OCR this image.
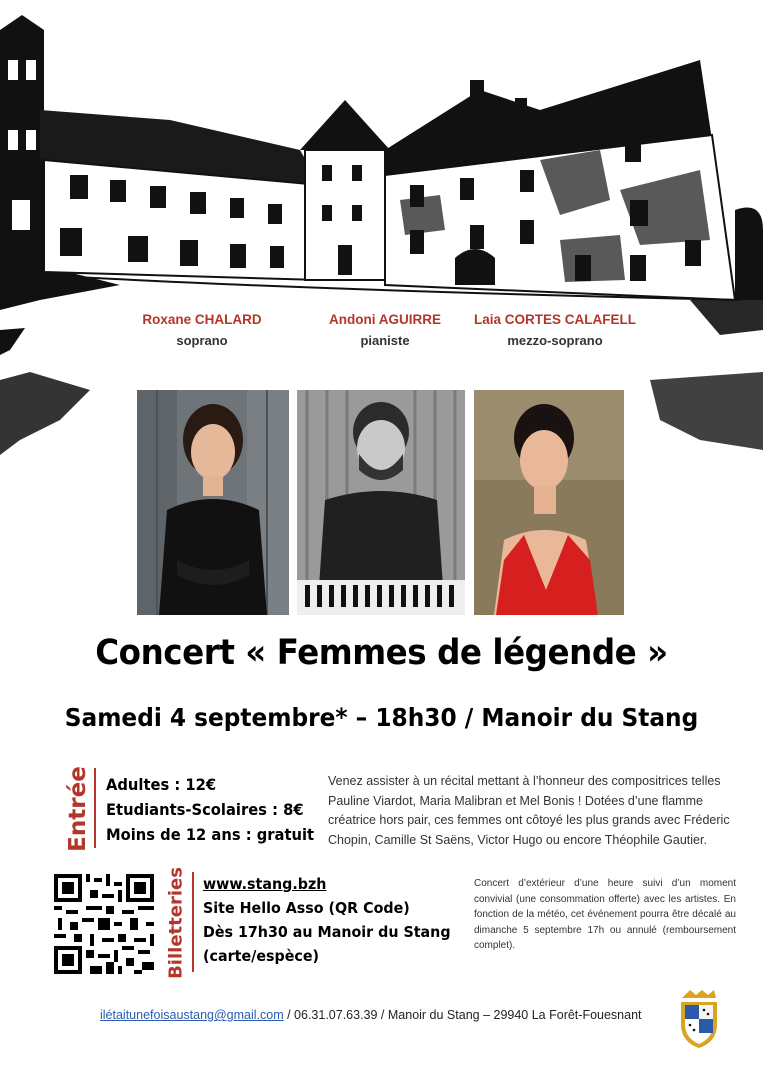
Roxane CHALARD
soprano
Andoni AGUIRRE
pianiste
Laia CORTES CALAFELL
mezzo-soprano
Concert « Femmes de légende »
Samedi 4 septembre* – 18h30 / Manoir du Stang
Entrée Adultes : 12€
Etudiants-Scolaires : 8€
Moins de 12 ans : gratuit
Venez assister à un récital mettant à l’honneur des compositrices telles Pauline Viardot, Maria Malibran et Mel Bonis ! Dotées d’une flamme créatrice hors pair, ces femmes ont côtoyé les plus grands avec Fréderic Chopin, Camille St Saëns, Victor Hugo ou encore Théophile Gautier.
Billetteries www.stang.bzh
Site Hello Asso (QR Code)
Dès 17h30 au Manoir du Stang
(carte/espèce)
Concert d’extérieur d’une heure suivi d’un moment convivial (une consommation offerte) avec les artistes. En fonction de la météo, cet événement pourra être décalé au dimanche 5 septembre 17h ou annulé (remboursement complet).
ilétaitunefoisaustang@gmail.com / 06.31.07.63.39 / Manoir du Stang – 29940 La Forêt-Fouesnant
